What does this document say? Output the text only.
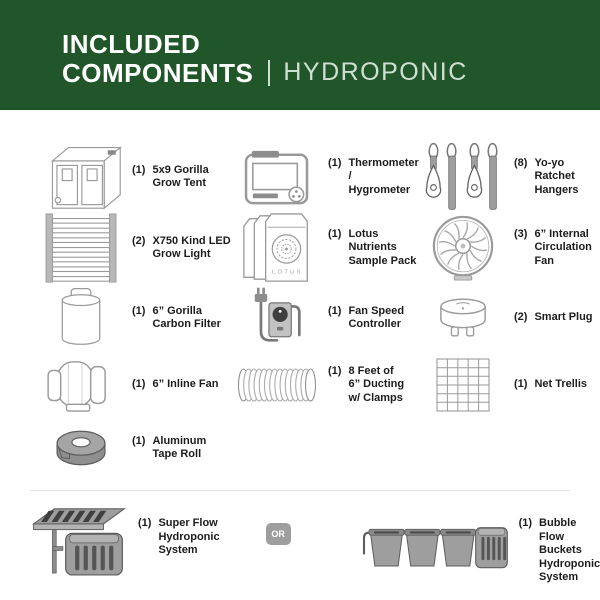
INCLUDED
COMPONENTS HYDROPONIC
(1) 5x9 Gorilla
Grow Tent
(1) Thermometer /
Hygrometer
(8) Yo-yo Ratchet
Hangers
(2) X750 Kind LED
Grow Light
LOTUS
(1) Lotus Nutrients
Sample Pack
(3) 6” Internal
Circulation Fan
(1) 6” Gorilla
Carbon Filter
(1) Fan Speed
Controller
(2) Smart Plug
(1) 6” Inline Fan
(1) 8 Feet of
6” Ducting
w/ Clamps
(1) Net Trellis
(1) Aluminum
Tape Roll
(1) Super Flow
Hydroponic
System
OR
(1) Bubble
Flow Buckets
Hydroponic
System
